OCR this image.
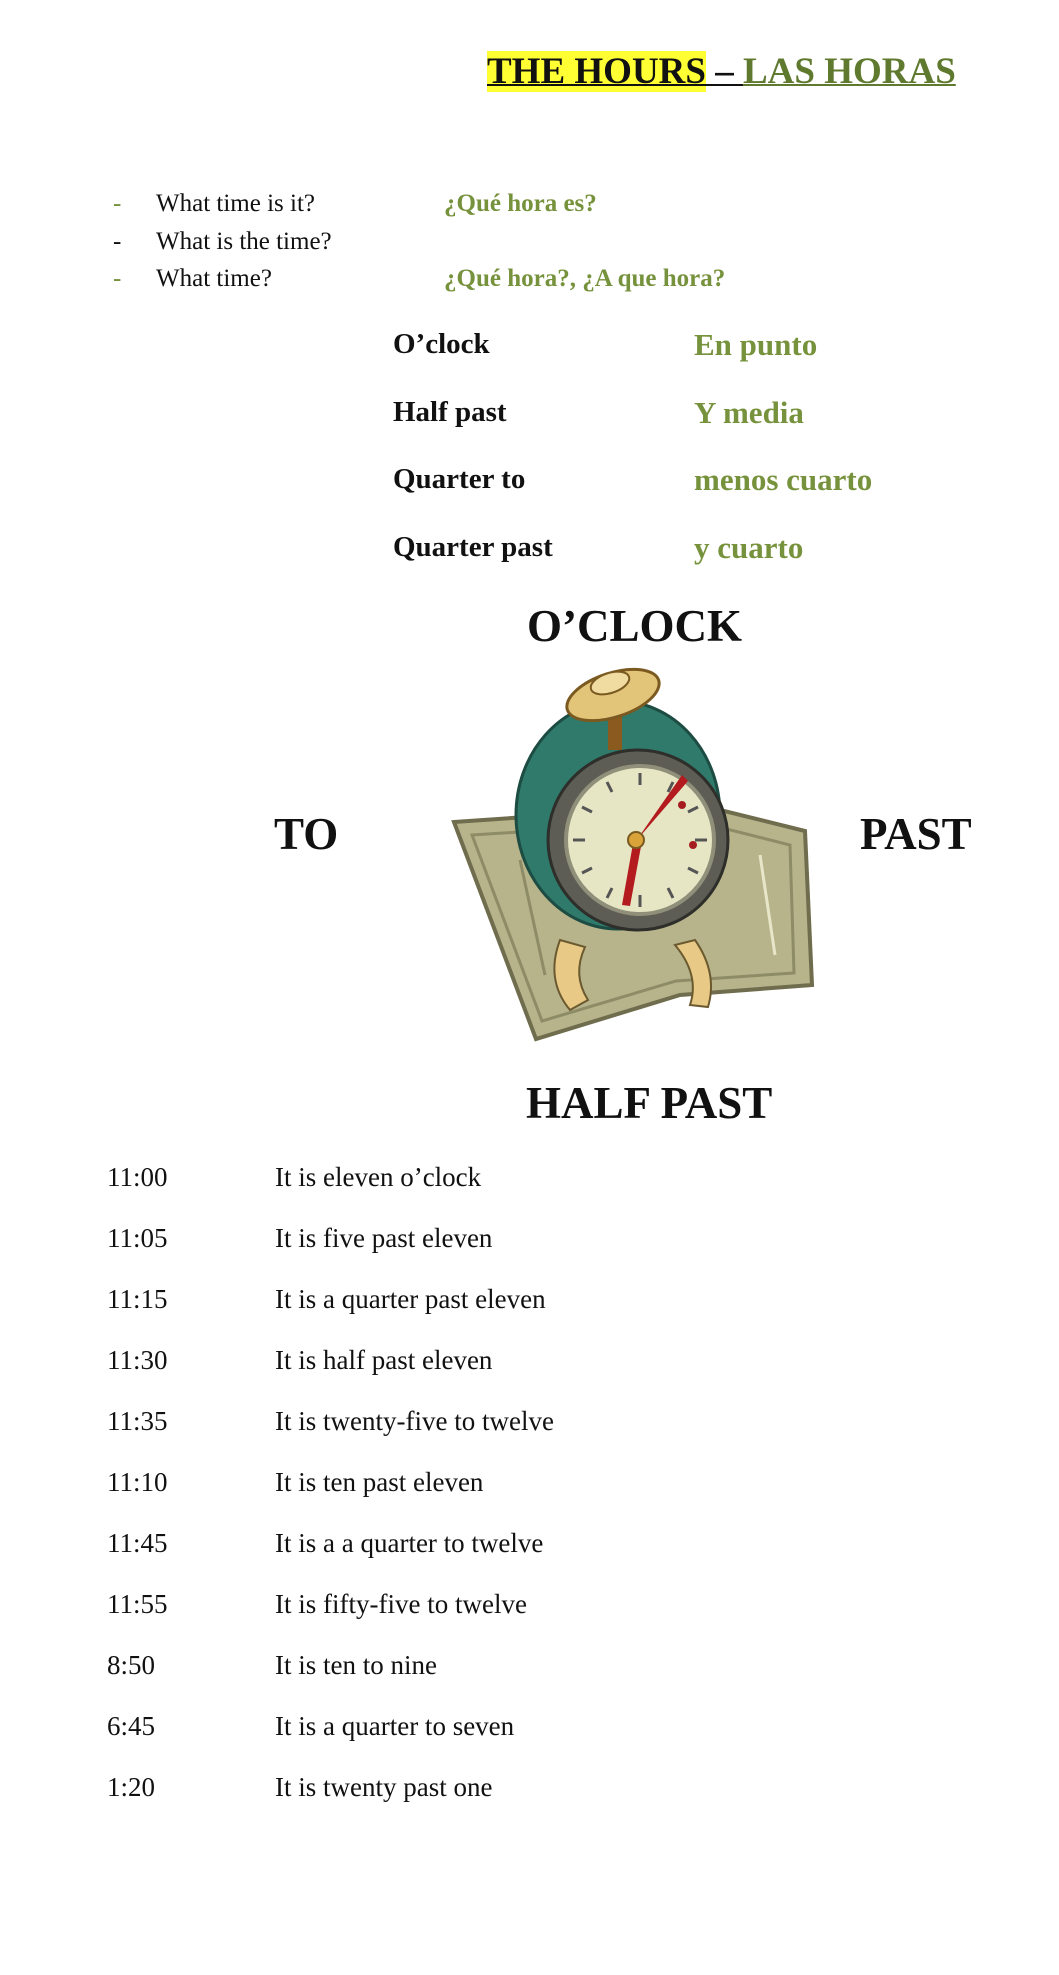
THE HOURS – LAS HORAS
- What time is it?	¿Qué hora es?
- What is the time?
- What time?	¿Qué hora?, ¿A que hora?
O’clock	En punto
Half past	Y media
Quarter to	menos cuarto
Quarter past	y cuarto
O’CLOCK
TO	PAST
HALF PAST
11:00	It is eleven o’clock
11:05	It is five past eleven
11:15	It is a quarter past eleven
11:30	It is half past eleven
11:35	It is twenty-five to twelve
11:10	It is ten past eleven
11:45	It is a a quarter to twelve
11:55	It is fifty-five to twelve
8:50	It is ten to nine
6:45	It is a quarter to seven
1:20	It is twenty past one
